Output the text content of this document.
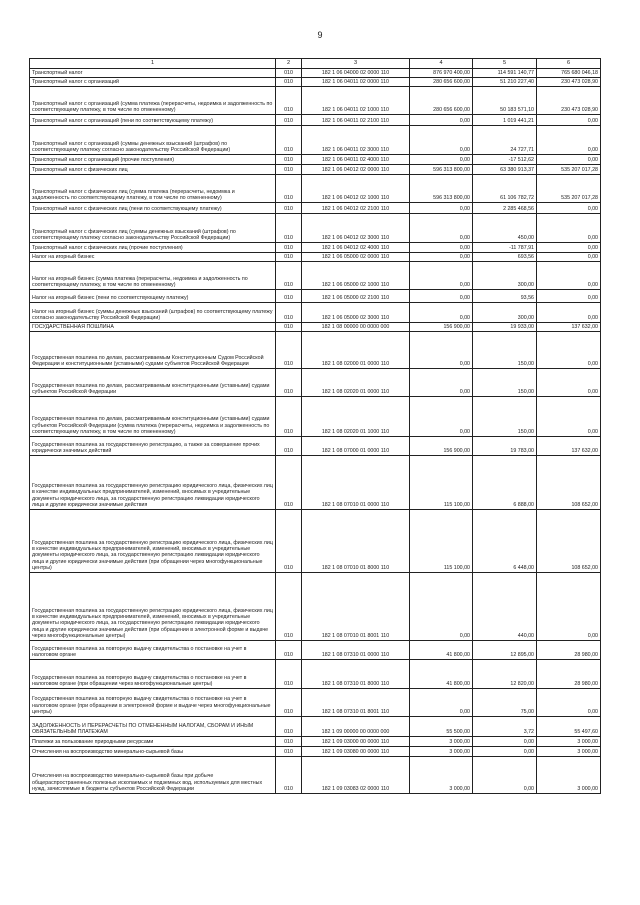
9
1	2	3	4	5	6
Транспортный налог	010	182 1 06 04000 02 0000 110	876 970 400,00	114 591 140,77	765 680 046,18
Транспортный налог с организаций	010	182 1 06 04011 02 0000 110	280 656 600,00	51 210 227,40	230 473 028,90
Транспортный налог с организаций (сумма платежа (перерасчеты, недоимка и задолженность по соответствующему платежу, в том числе по отмененному)	010	182 1 06 04011 02 1000 110	280 656 600,00	50 183 571,10	230 473 028,90
Транспортный налог с организаций (пени по соответствующему платежу)	010	182 1 06 04011 02 2100 110	0,00	1 019 441,21	0,00
Транспортный налог с организаций (суммы денежных взысканий (штрафов) по соответствующему платежу согласно законодательству Российской Федерации)	010	182 1 06 04011 02 3000 110	0,00	24 727,71	0,00
Транспортный налог с организаций (прочие поступления)	010	182 1 06 04011 02 4000 110	0,00	-17 512,62	0,00
Транспортный налог с физических лиц	010	182 1 06 04012 02 0000 110	596 313 800,00	63 380 913,37	535 207 017,28
Транспортный налог с физических лиц (сумма платежа (перерасчеты, недоимка и задолженность по соответствующему платежу, в том числе по отмененному)	010	182 1 06 04012 02 1000 110	596 313 800,00	61 106 782,72	535 207 017,28
Транспортный налог с физических лиц (пени по соответствующему платежу)	010	182 1 06 04012 02 2100 110	0,00	2 285 468,56	0,00
Транспортный налог с физических лиц (суммы денежных взысканий (штрафов) по соответствующему платежу согласно законодательству Российской Федерации)	010	182 1 06 04012 02 3000 110	0,00	450,00	0,00
Транспортный налог с физических лиц (прочие поступления)	010	182 1 06 04012 02 4000 110	0,00	-11 787,91	0,00
Налог на игорный бизнес	010	182 1 06 05000 02 0000 110	0,00	693,56	0,00
Налог на игорный бизнес (сумма платежа (перерасчеты, недоимка и задолженность по соответствующему платежу, в том числе по отмененному)	010	182 1 06 05000 02 1000 110	0,00	300,00	0,00
Налог на игорный бизнес (пени по соответствующему платежу)	010	182 1 06 05000 02 2100 110	0,00	93,56	0,00
Налог на игорный бизнес (суммы денежных взысканий (штрафов) по соответствующему платежу согласно законодательству Российской Федерации)	010	182 1 06 05000 02 3000 110	0,00	300,00	0,00
ГОСУДАРСТВЕННАЯ ПОШЛИНА	010	182 1 08 00000 00 0000 000	156 900,00	19 933,00	137 632,00
Государственная пошлина по делам, рассматриваемым Конституционным Судом Российской Федерации и конституционными (уставными) судами субъектов Российской Федерации	010	182 1 08 02000 01 0000 110	0,00	150,00	0,00
Государственная пошлина по делам, рассматриваемым конституционными (уставными) судами субъектов Российской Федерации	010	182 1 08 02020 01 0000 110	0,00	150,00	0,00
Государственная пошлина по делам, рассматриваемым конституционными (уставными) судами субъектов Российской Федерации (сумма платежа (перерасчеты, недоимка и задолженность по соответствующему платежу, в том числе по отмененному)	010	182 1 08 02020 01 1000 110	0,00	150,00	0,00
Государственная пошлина за государственную регистрацию, а также за совершение прочих юридически значимых действий	010	182 1 08 07000 01 0000 110	156 900,00	19 783,00	137 632,00
Государственная пошлина за государственную регистрацию юридического лица, физических лиц в качестве индивидуальных предпринимателей, изменений, вносимых в учредительные документы юридического лица, за государственную регистрацию ликвидации юридического лица и другие юридически значимые действия	010	182 1 08 07010 01 0000 110	115 100,00	6 888,00	108 652,00
Государственная пошлина за государственную регистрацию юридического лица, физических лиц в качестве индивидуальных предпринимателей, изменений, вносимых в учредительные документы юридического лица, за государственную регистрацию ликвидации юридического лица и другие юридически значимые действия (при обращении через многофункциональные центры)	010	182 1 08 07010 01 8000 110	115 100,00	6 448,00	108 652,00
Государственная пошлина за государственную регистрацию юридического лица, физических лиц в качестве индивидуальных предпринимателей, изменений, вносимых в учредительные документы юридического лица, за государственную регистрацию ликвидации юридического лица и другие юридически значимые действия (при обращении в электронной форме и выдаче через многофункциональные центры)	010	182 1 08 07010 01 8001 110	0,00	440,00	0,00
Государственная пошлина за повторную выдачу свидетельства о постановке на учет в налоговом органе	010	182 1 08 07310 01 0000 110	41 800,00	12 895,00	28 980,00
Государственная пошлина за повторную выдачу свидетельства о постановке на учет в налоговом органе (при обращении через многофункциональные центры)	010	182 1 08 07310 01 8000 110	41 800,00	12 820,00	28 980,00
Государственная пошлина за повторную выдачу свидетельства о постановке на учет в налоговом органе (при обращении в электронной форме и выдаче через многофункциональные центры)	010	182 1 08 07310 01 8001 110	0,00	75,00	0,00
ЗАДОЛЖЕННОСТЬ И ПЕРЕРАСЧЕТЫ ПО ОТМЕНЕННЫМ НАЛОГАМ, СБОРАМ И ИНЫМ ОБЯЗАТЕЛЬНЫМ ПЛАТЕЖАМ	010	182 1 09 00000 00 0000 000	55 500,00	3,72	55 497,60
Платежи за пользование природными ресурсами	010	182 1 09 03000 00 0000 110	3 000,00	0,00	3 000,00
Отчисления на воспроизводство минерально-сырьевой базы	010	182 1 09 03080 00 0000 110	3 000,00	0,00	3 000,00
Отчисления на воспроизводство минерально-сырьевой базы при добыче общераспространенных полезных ископаемых и подземных вод, используемых для местных нужд, зачисляемые в бюджеты субъектов Российской Федерации	010	182 1 09 03083 02 0000 110	3 000,00	0,00	3 000,00
